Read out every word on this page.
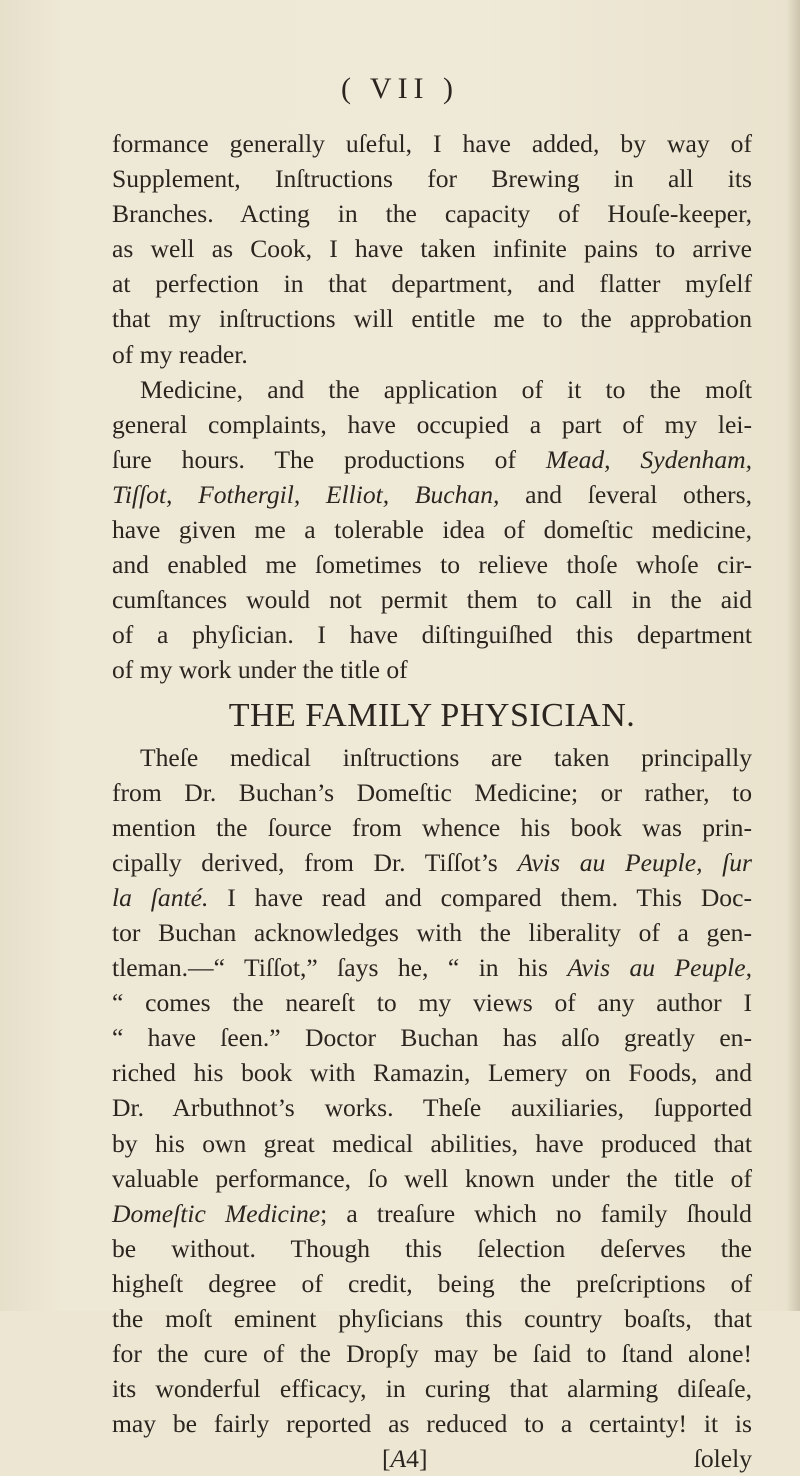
( VII )
formance generally uſeful, I have added, by way of
Supplement, Inſtructions for Brewing in all its
Branches. Acting in the capacity of Houſe-keeper,
as well as Cook, I have taken infinite pains to arrive
at perfection in that department, and flatter myſelf
that my inſtructions will entitle me to the approbation
of my reader.
Medicine, and the application of it to the moſt
general complaints, have occupied a part of my lei-
ſure hours. The productions of Mead, Sydenham,
Tiſſot, Fothergil, Elliot, Buchan, and ſeveral others,
have given me a tolerable idea of domeſtic medicine,
and enabled me ſometimes to relieve thoſe whoſe cir-
cumſtances would not permit them to call in the aid
of a phyſician. I have diſtinguiſhed this department
of my work under the title of
THE FAMILY PHYSICIAN.
Theſe medical inſtructions are taken principally
from Dr. Buchan’s Domeſtic Medicine; or rather, to
mention the ſource from whence his book was prin-
cipally derived, from Dr. Tiſſot’s Avis au Peuple, ſur
la ſanté. I have read and compared them. This Doc-
tor Buchan acknowledges with the liberality of a gen-
tleman.—“ Tiſſot,” ſays he, “ in his Avis au Peuple,
“ comes the neareſt to my views of any author I
“ have ſeen.” Doctor Buchan has alſo greatly en-
riched his book with Ramazin, Lemery on Foods, and
Dr. Arbuthnot’s works. Theſe auxiliaries, ſupported
by his own great medical abilities, have produced that
valuable performance, ſo well known under the title of
Domeſtic Medicine; a treaſure which no family ſhould
be without. Though this ſelection deſerves the
higheſt degree of credit, being the preſcriptions of
the moſt eminent phyſicians this country boaſts, that
for the cure of the Dropſy may be ſaid to ſtand alone!
its wonderful efficacy, in curing that alarming diſeaſe,
may be fairly reported as reduced to a certainty! it is
[A4]	ſolely
